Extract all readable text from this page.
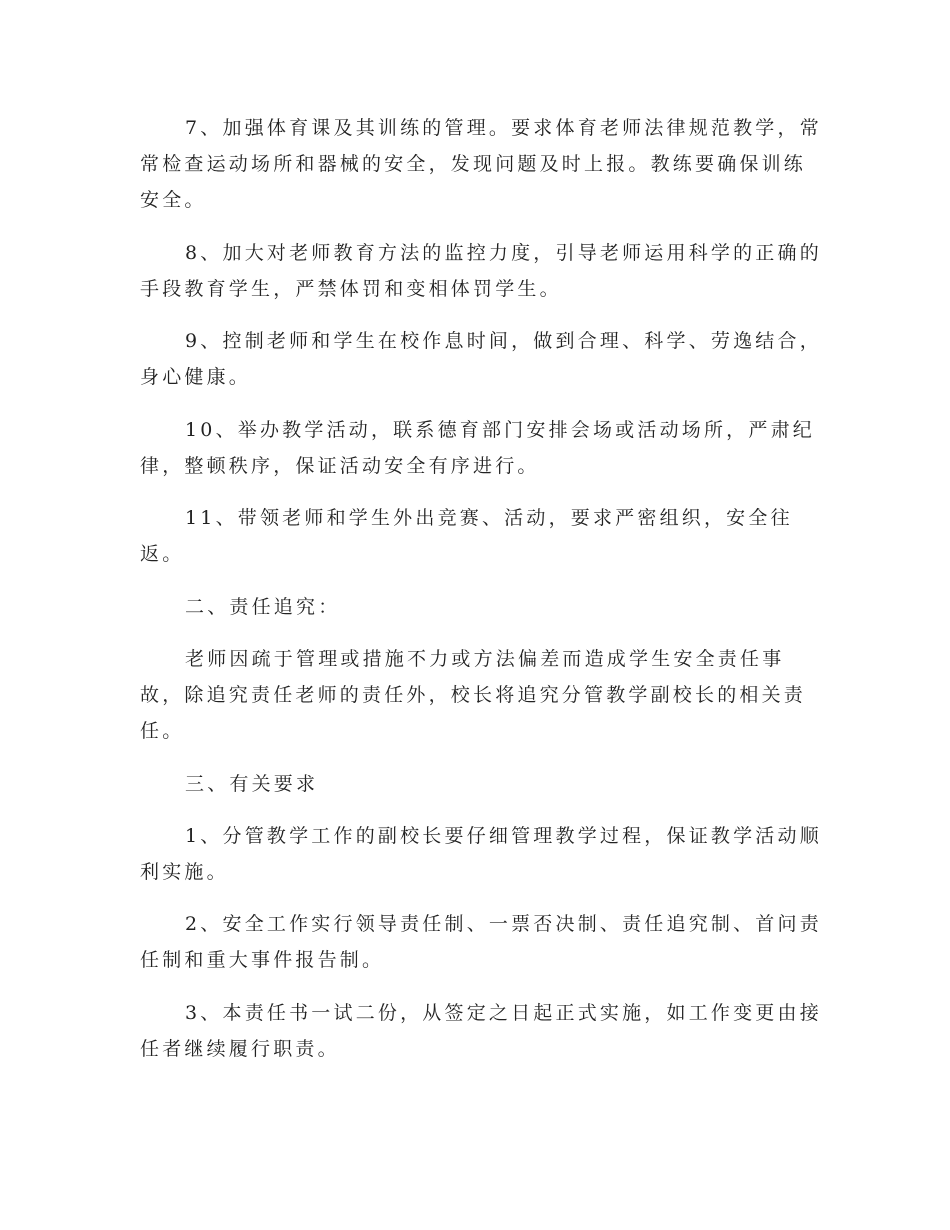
7、加强体育课及其训练的管理。要求体育老师法律规范教学，常
常检查运动场所和器械的安全，发现问题及时上报。教练要确保训练
安全。
8、加大对老师教育方法的监控力度，引导老师运用科学的正确的
手段教育学生，严禁体罚和变相体罚学生。
9、控制老师和学生在校作息时间，做到合理、科学、劳逸结合，
身心健康。
10、举办教学活动，联系德育部门安排会场或活动场所，严肃纪
律，整顿秩序，保证活动安全有序进行。
11、带领老师和学生外出竞赛、活动，要求严密组织，安全往
返。
二、责任追究：
老师因疏于管理或措施不力或方法偏差而造成学生安全责任事
故，除追究责任老师的责任外，校长将追究分管教学副校长的相关责
任。
三、有关要求
1、分管教学工作的副校长要仔细管理教学过程，保证教学活动顺
利实施。
2、安全工作实行领导责任制、一票否决制、责任追究制、首问责
任制和重大事件报告制。
3、本责任书一试二份，从签定之日起正式实施，如工作变更由接
任者继续履行职责。
